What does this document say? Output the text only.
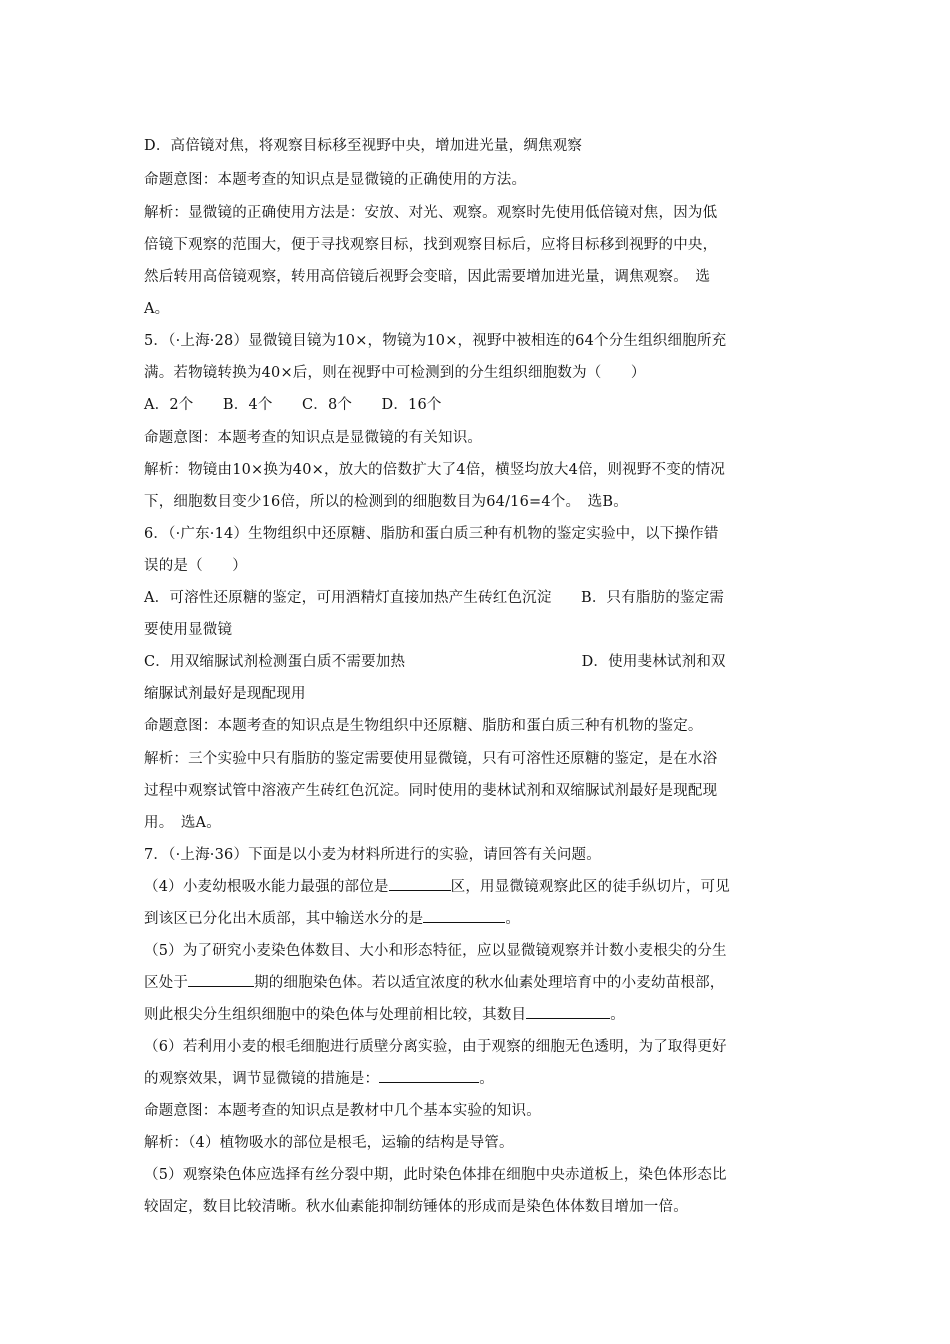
D．高倍镜对焦，将观察目标移至视野中央，增加进光量，绸焦观察
命题意图：本题考查的知识点是显微镜的正确使用的方法。
解析：显微镜的正确使用方法是：安放、对光、观察。观察时先使用低倍镜对焦，因为低
倍镜下观察的范围大，便于寻找观察目标，找到观察目标后，应将目标移到视野的中央，
然后转用高倍镜观察，转用高倍镜后视野会变暗，因此需要增加进光量，调焦观察。　选
A。
5．（·上海·28）显微镜目镜为10×，物镜为10×，视野中被相连的64个分生组织细胞所充
满。若物镜转换为40×后，则在视野中可检测到的分生组织细胞数为（　　）
A．2个　　B．4个　　C．8个　　D．16个
命题意图：本题考查的知识点是显微镜的有关知识。
解析：物镜由10×换为40×，放大的倍数扩大了4倍，横竖均放大4倍，则视野不变的情况
下，细胞数目变少16倍，所以的检测到的细胞数目为64/16=4个。　选B。
6．（·广东·14）生物组织中还原糖、脂肪和蛋白质三种有机物的鉴定实验中，以下操作错
误的是（　　）
A．可溶性还原糖的鉴定，可用酒精灯直接加热产生砖红色沉淀　　B．只有脂肪的鉴定需
要使用显微镜
C．用双缩脲试剂检测蛋白质不需要加热　　　　　　　　　　　　D．使用斐林试剂和双
缩脲试剂最好是现配现用
命题意图：本题考查的知识点是生物组织中还原糖、脂肪和蛋白质三种有机物的鉴定。
解析：三个实验中只有脂肪的鉴定需要使用显微镜，只有可溶性还原糖的鉴定，是在水浴
过程中观察试管中溶液产生砖红色沉淀。同时使用的斐林试剂和双缩脲试剂最好是现配现
用。　选A。
7．（·上海·36）下面是以小麦为材料所进行的实验，请回答有关问题。
（4）小麦幼根吸水能力最强的部位是	区，用显微镜观察此区的徒手纵切片，可见
到该区已分化出木质部，其中输送水分的是	。
（5）为了研究小麦染色体数目、大小和形态特征，应以显微镜观察并计数小麦根尖的分生
区处于	期的细胞染色体。若以适宜浓度的秋水仙素处理培育中的小麦幼苗根部，
则此根尖分生组织细胞中的染色体与处理前相比较，其数目	。
（6）若利用小麦的根毛细胞进行质壁分离实验，由于观察的细胞无色透明，为了取得更好
的观察效果，调节显微镜的措施是：	。
命题意图：本题考查的知识点是教材中几个基本实验的知识。
解析：（4）植物吸水的部位是根毛，运输的结构是导管。
（5）观察染色体应选择有丝分裂中期，此时染色体排在细胞中央赤道板上，染色体形态比
较固定，数目比较清晰。秋水仙素能抑制纺锤体的形成而是染色体体数目增加一倍。
